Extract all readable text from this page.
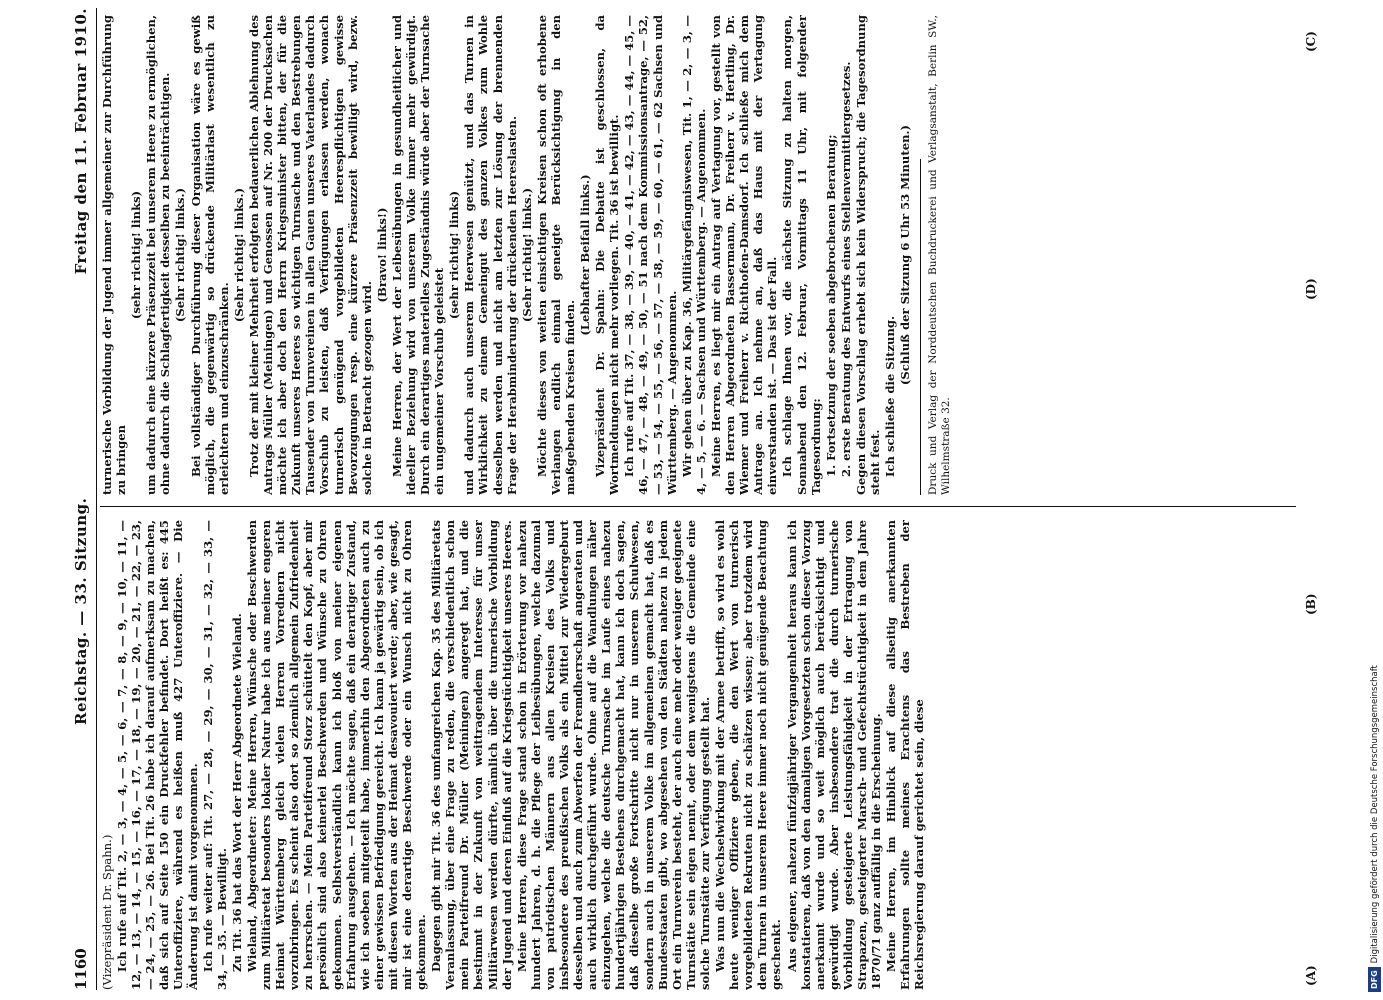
1160
Reichstag. — 33. Sitzung.
Freitag den 11. Februar 1910.

(Vizepräsident Dr. Spahn.) Ich rufe auf Tit. 2, — 3, — 4, — 5, — 6, — 7, — 8, — 9, — 10, — 11, — 12, — 13, — 14, — 15, — 16, — 17, — 18, — 19, — 20, — 21, — 22, — 23, — 24, — 25, — 26. Bei Tit. 26 habe ich darauf aufmerksam zu machen, daß sich auf Seite 150 ein Druckfehler befindet. Dort heißt es: 445 Unteroffiziere, während es heißen muß 427 Unteroffiziere. — Die Änderung ist damit vorgenommen. Ich rufe weiter auf: Tit. 27, — 28, — 29, — 30, — 31, — 32, — 33, — 34, — 35. — Bewilligt. Zu Tit. 36 hat das Wort der Herr Abgeordnete Wieland. Wieland, Abgeordneter: Meine Herren, Wünsche oder Beschwerden zum Militäretat besonders lokaler Natur habe ich aus meiner engeren Heimat Württemberg gleich vielen Herren Vorrednern nicht vorzubringen. Es scheint also dort so ziemlich allgemein Zufriedenheit zu herrschen. — Mein Parteifreund Storz schüttelt den Kopf, aber mir persönlich sind also keinerlei Beschwerden und Wünsche zu Ohren gekommen. Selbstverständlich kann ich bloß von meiner eigenen Erfahrung ausgehen. — Ich möchte sagen, daß ein derartiger Zustand, wie ich soeben mitgeteilt habe, immerhin den Abgeordneten auch zu einer gewissen Befriedigung gereicht. Ich kann ja gewärtig sein, ob ich mit diesen Worten aus der Heimat desavouiert werde; aber, wie gesagt, mir ist eine derartige Beschwerde oder ein Wunsch nicht zu Ohren gekommen. Dagegen gibt mir Tit. 36 des umfangreichen Kap. 35 des Militäretats Veranlassung, über eine Frage zu reden, die verschiedentlich schon mein Parteifreund Dr. Müller (Meiningen) angeregt hat, und die bestimmt in der Zukunft von weittragendem Interesse für unser Militärwesen werden dürfte, nämlich über die turnerische Vorbildung der Jugend und deren Einfluß auf die Kriegstüchtigkeit unseres Heeres. Meine Herren, diese Frage stand schon in Erörterung vor nahezu hundert Jahren, d. h. die Pflege der Leibesübungen, welche dazumal von patriotischen Männern aus allen Kreisen des Volks und insbesondere des preußischen Volks als ein Mittel zur Wiedergeburt desselben und auch zum Abwerfen der Fremdherrschaft angeraten und auch wirklich durchgeführt wurde. Ohne auf die Wandlungen näher einzugehen, welche die deutsche Turnsache im Laufe eines nahezu hundertjährigen Bestehens durchgemacht hat, kann ich doch sagen, daß dieselbe große Fortschritte nicht nur in unserem Schulwesen, sondern auch in unserem Volke im allgemeinen gemacht hat, daß es Bundesstaaten gibt, wo abgesehen von den Städten nahezu in jedem Ort ein Turnverein besteht, der auch eine mehr oder weniger geeignete Turnstätte sein eigen nennt, oder dem wenigstens die Gemeinde eine solche Turnstätte zur Verfügung gestellt hat. Was nun die Wechselwirkung mit der Armee betrifft, so wird es wohl heute weniger Offiziere geben, die den Wert von turnerisch vorgebildeten Rekruten nicht zu schätzen wissen; aber trotzdem wird dem Turnen in unserem Heere immer noch nicht genügende Beachtung geschenkt. Aus eigener, nahezu fünfzigjähriger Vergangenheit heraus kann ich konstatieren, daß von den damaligen Vorgesetzten schon dieser Vorzug anerkannt wurde und so weit möglich auch berücksichtigt und gewürdigt wurde. Aber insbesondere trat die durch turnerische Vorbildung gesteigerte Leistungsfähigkeit in der Ertragung von Strapazen, gesteigerter Marsch- und Gefechtstüchtigkeit in dem Jahre 1870/71 ganz auffällig in die Erscheinung. Meine Herren, im Hinblick auf diese allseitig anerkannten Erfahrungen sollte meines Erachtens das Bestreben der Reichsregierung darauf gerichtet sein, diese

turnerische Vorbildung der Jugend immer allgemeiner zur Durchführung zu bringen

(sehr richtig! links) um dadurch eine kürzere Präsenzzeit bei unserem Heere zu ermöglichen, ohne dadurch die Schlagfertigkeit desselben zu beeinträchtigen. (Sehr richtig! links.) Bei vollständiger Durchführung dieser Organisation wäre es gewiß möglich, die gegenwärtig so drückende Militärlast wesentlich zu erleichtern und einzuschränken.

(Sehr richtig! links.) Trotz der mit kleiner Mehrheit erfolgten bedauerlichen Ablehnung des Antrags Müller (Meiningen) und Genossen auf Nr. 200 der Drucksachen möchte ich aber doch den Herrn Kriegsminister bitten, der für die Zukunft unseres Heeres so wichtigen Turnsache und den Bestrebungen Tausender von Turnvereinen in allen Gauen unseres Vaterlandes dadurch Vorschub zu leisten, daß Verfügungen erlassen werden, wonach turnerisch genügend vorgebildeten Heerespflichtigen gewisse Bevorzugungen resp. eine kürzere Präsenzzeit bewilligt wird, bezw. solche in Betracht gezogen wird.

(Bravo! links!) Meine Herren, der Wert der Leibesübungen in gesundheitlicher und ideeller Beziehung wird von unserem Volke immer mehr gewürdigt. Durch ein derartiges materielles Zugeständnis würde aber der Turnsache ein ungemeiner Vorschub geleistet

(sehr richtig! links) und dadurch auch unserem Heerwesen genützt, und das Turnen in Wirklichkeit zu einem Gemeingut des ganzen Volkes zum Wohle desselben werden und nicht am letzten zur Lösung der brennenden Frage der Herabminderung der drückenden Heereslasten. (Sehr richtig! links.) Möchte dieses von weiten einsichtigen Kreisen schon oft erhobene Verlangen endlich einmal geneigte Berücksichtigung in den maßgebenden Kreisen finden.

(Lebhafter Beifall links.) Vizepräsident Dr. Spahn: Die Debatte ist geschlossen, da Wortmeldungen nicht mehr vorliegen. Tit. 36 ist bewilligt. Ich rufe auf Tit. 37, — 38, — 39, — 40, — 41, — 42, — 43, — 44, — 45, — 46, — 47, — 48, — 49, — 50, — 51 nach dem Kommissionsantrage, — 52, — 53, — 54, — 55, — 56, — 57, — 58, — 59, — 60, — 61, — 62 Sachsen und Württemberg. — Angenommen. Wir gehen über zu Kap. 36, Militärgefängniswesen, Tit. 1, — 2, — 3, — 4, — 5, — 6. — Sachsen und Württemberg. — Angenommen. Meine Herren, es liegt mir ein Antrag auf Vertagung vor, gestellt von den Herren Abgeordneten Bassermann, Dr. Freiherr v. Hertling, Dr. Wiemer und Freiherr v. Richthofen-Damsdorf. Ich schließe mich dem Antrage an. Ich nehme an, daß das Haus mit der Vertagung einverstanden ist. — Das ist der Fall. Ich schlage Ihnen vor, die nächste Sitzung zu halten morgen, Sonnabend den 12. Februar, Vormittags 11 Uhr, mit folgender Tagesordnung: 1. Fortsetzung der soeben abgebrochenen Beratung; 2. erste Beratung des Entwurfs eines Stellenvermittlergesetzes. Gegen diesen Vorschlag erhebt sich kein Widerspruch; die Tagesordnung steht fest. Ich schließe die Sitzung.

(Schluß der Sitzung 6 Uhr 53 Minuten.) Druck und Verlag der Norddeutschen Buchdruckerei und Verlagsanstalt, Berlin SW., Wilhelmstraße 32.

(A)
(B)
(C)
(D)
DFGDigitalisierung gefördert durch die Deutsche Forschungsgemeinschaft
